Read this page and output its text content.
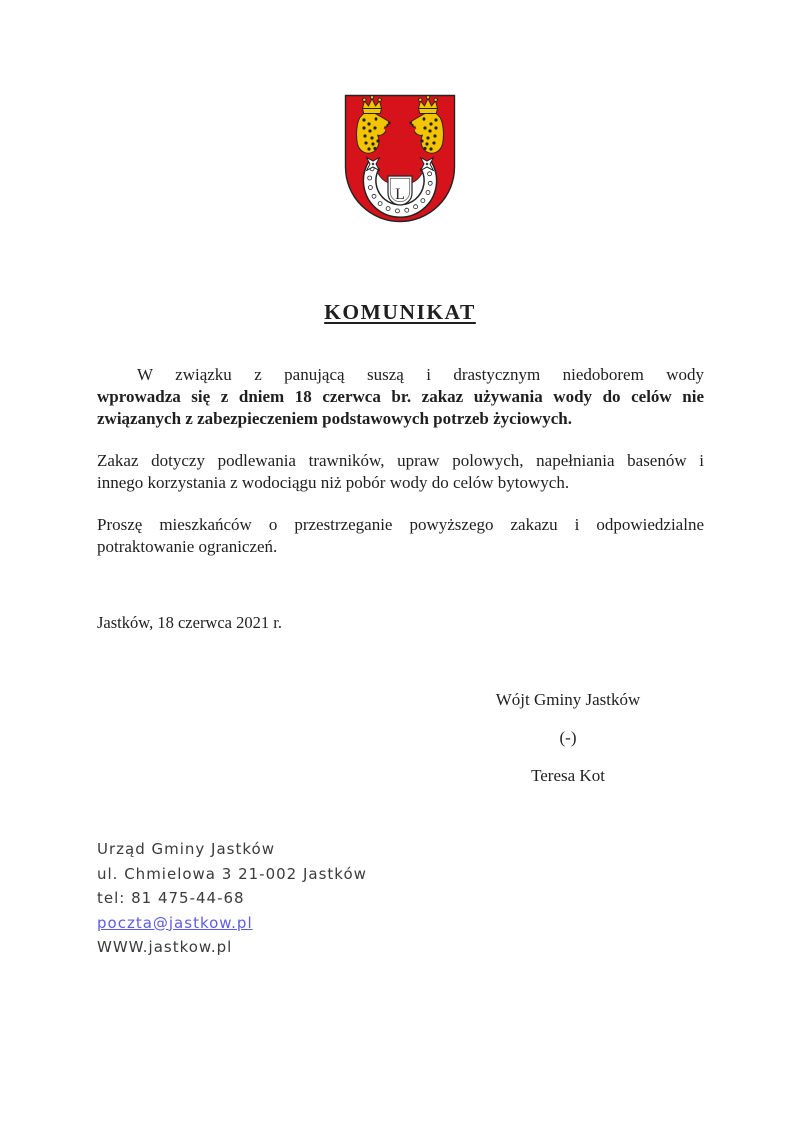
L
KOMUNIKAT
W związku z panującą suszą i drastycznym niedoborem wody
wprowadza się z dniem 18 czerwca br. zakaz używania wody do celów nie
związanych z zabezpieczeniem podstawowych potrzeb życiowych.
Zakaz dotyczy podlewania trawników, upraw polowych, napełniania basenów i
innego korzystania z wodociągu niż pobór wody do celów bytowych.
Proszę mieszkańców o przestrzeganie powyższego zakazu i odpowiedzialne
potraktowanie ograniczeń.
Jastków, 18 czerwca 2021 r.
Wójt Gminy Jastków
(-)
Teresa Kot
Urząd Gminy Jastków
ul. Chmielowa 3 21-002 Jastków
tel: 81 475-44-68
poczta@jastkow.pl
WWW.jastkow.pl
